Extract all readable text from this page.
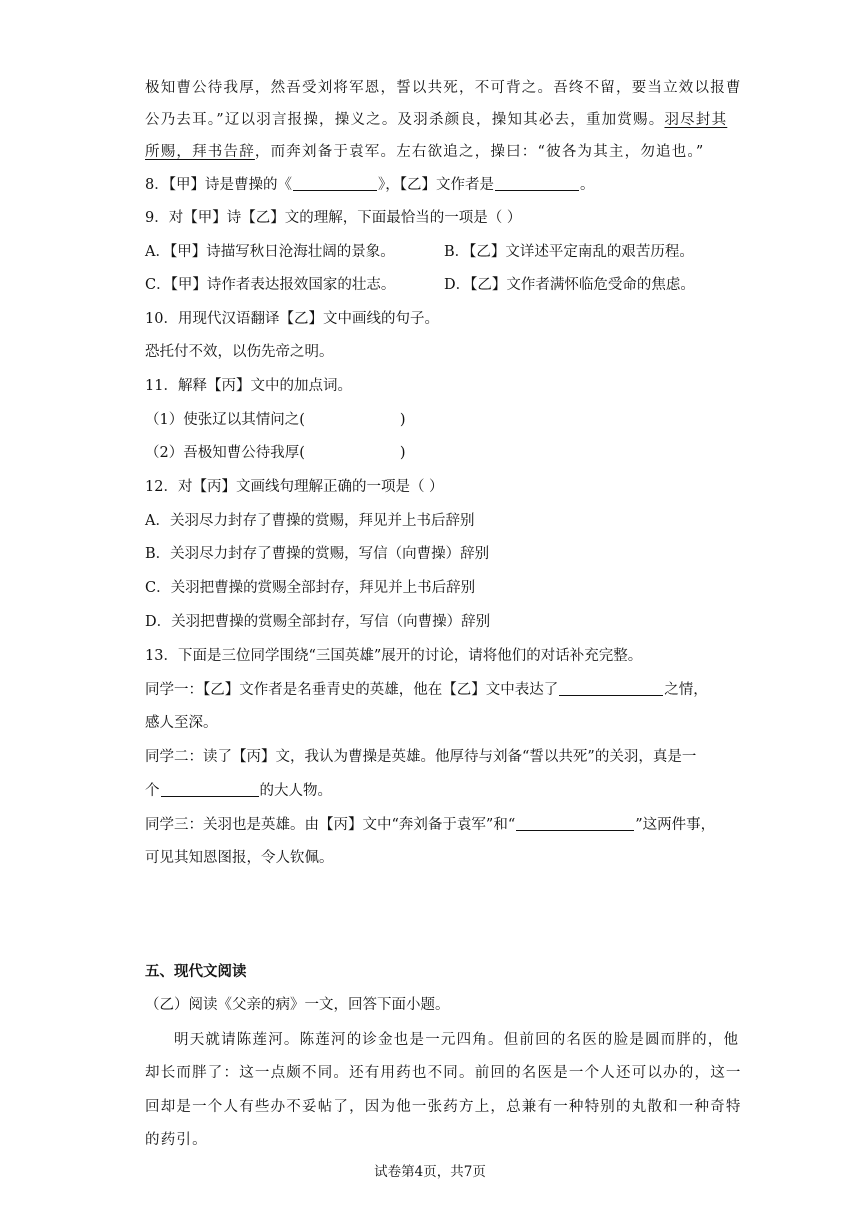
极知曹公待我厚，然吾受刘将军恩，誓以共死，不可背之。吾终不留，要当立效以报曹
公乃去耳。”辽以羽言报操，操义之。及羽杀颜良，操知其必去，重加赏赐。羽尽封其
所赐，拜书告辞，而奔刘备于袁军。左右欲追之，操曰：“彼各为其主，勿追也。”
8．【甲】诗是曹操的《	》，【乙】文作者是	。
9．对【甲】诗【乙】文的理解，下面最恰当的一项是（ ）
A．【甲】诗描写秋日沧海壮阔的景象。	B．【乙】文详述平定南乱的艰苦历程。
C．【甲】诗作者表达报效国家的壮志。	D．【乙】文作者满怀临危受命的焦虑。
10．用现代汉语翻译【乙】文中画线的句子。
恐托付不效，以伤先帝之明。
11．解释【丙】文中的加点词。
（1）使张辽以其情问之(	)
（2）吾极知曹公待我厚(	)
12．对【丙】文画线句理解正确的一项是（ ）
A．关羽尽力封存了曹操的赏赐，拜见并上书后辞别
B．关羽尽力封存了曹操的赏赐，写信（向曹操）辞别
C．关羽把曹操的赏赐全部封存，拜见并上书后辞别
D．关羽把曹操的赏赐全部封存，写信（向曹操）辞别
13．下面是三位同学围绕“三国英雄”展开的讨论，请将他们的对话补充完整。
同学一：【乙】文作者是名垂青史的英雄，他在【乙】文中表达了	之情，
感人至深。
同学二：读了【丙】文，我认为曹操是英雄。他厚待与刘备“誓以共死”的关羽，真是一
个	的大人物。
同学三：关羽也是英雄。由【丙】文中“奔刘备于袁军”和“	”这两件事，
可见其知恩图报，令人钦佩。
五、现代文阅读
（乙）阅读《父亲的病》一文，回答下面小题。
明天就请陈莲河。陈莲河的诊金也是一元四角。但前回的名医的脸是圆而胖的，他
却长而胖了：这一点颇不同。还有用药也不同。前回的名医是一个人还可以办的，这一
回却是一个人有些办不妥帖了，因为他一张药方上，总兼有一种特别的丸散和一种奇特
的药引。
试卷第4页，共7页
